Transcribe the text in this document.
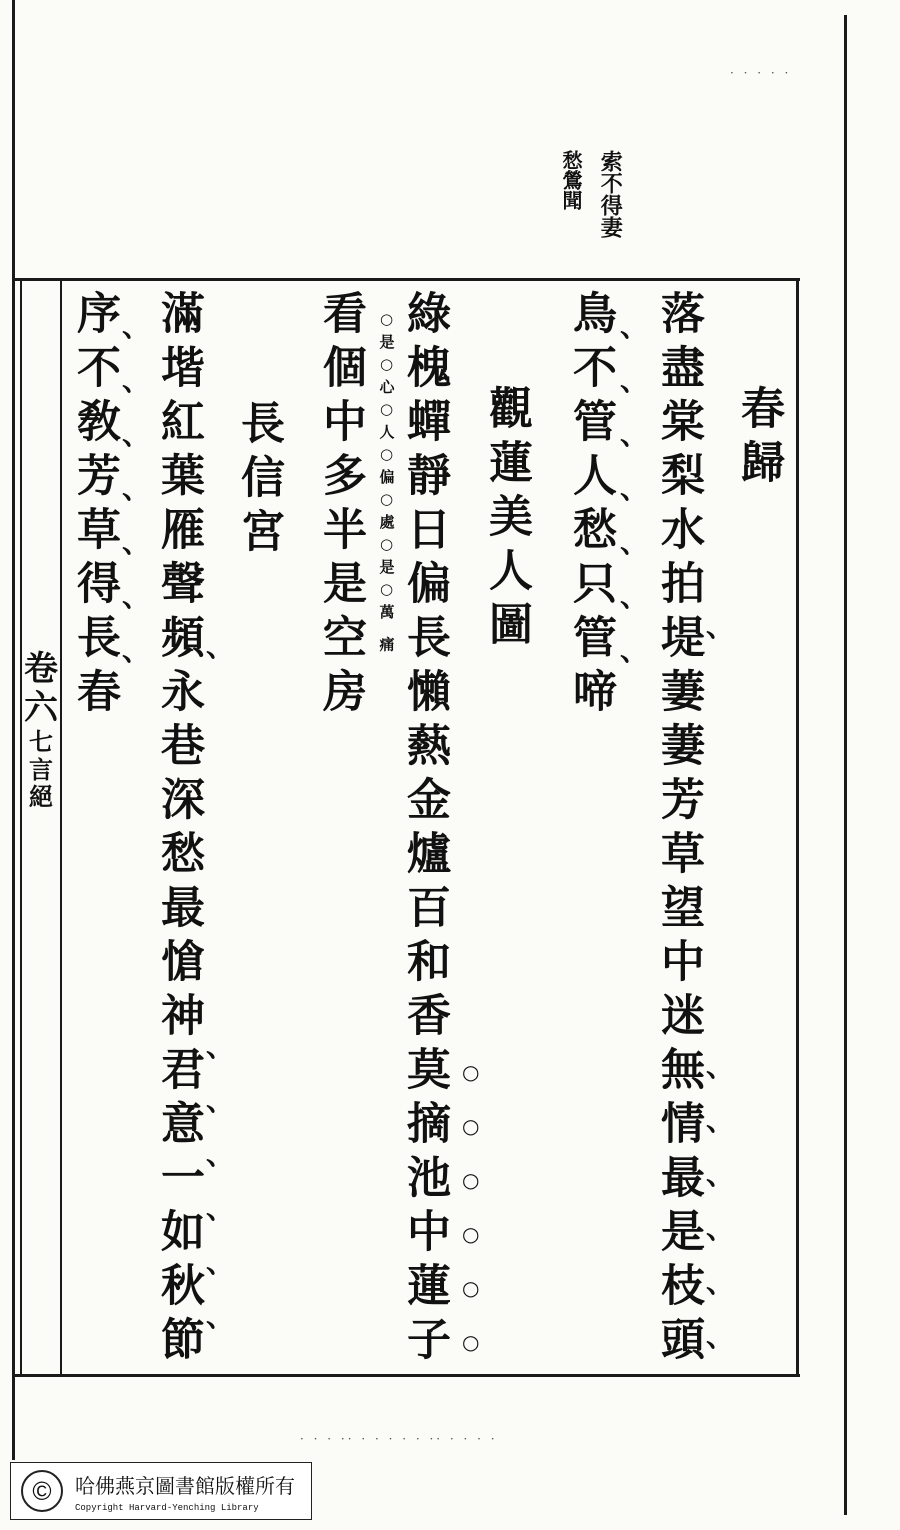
卷
六
七
言
絕
索不得妻
愁鶯聞
春歸
落盡棠梨水拍堤萋萋芳草望中迷無情最是枝頭
鳥不管人愁只管啼
觀蓮美人圖
綠槐蟬靜日偏長懶爇金爐百和香莫摘池中蓮子
○是○心○人○偏○處○是○萬 痛
看個中多半是空房
長信宮
滿堦紅葉雁聲頻永巷深愁最愴神君意一如秋節
序不敎芳草得長春	、
、
、
、
、
、
、
、
、
、
、
、
、
、
○
○
○
○
○
○
、
、
、
、
、
、
、
、
、
、
、
、
、
、
· · · ·· · · · · · ·· · · · ·
· · · · ·
© 哈佛燕京圖書館版權所有
Copyright Harvard-Yenching Library
